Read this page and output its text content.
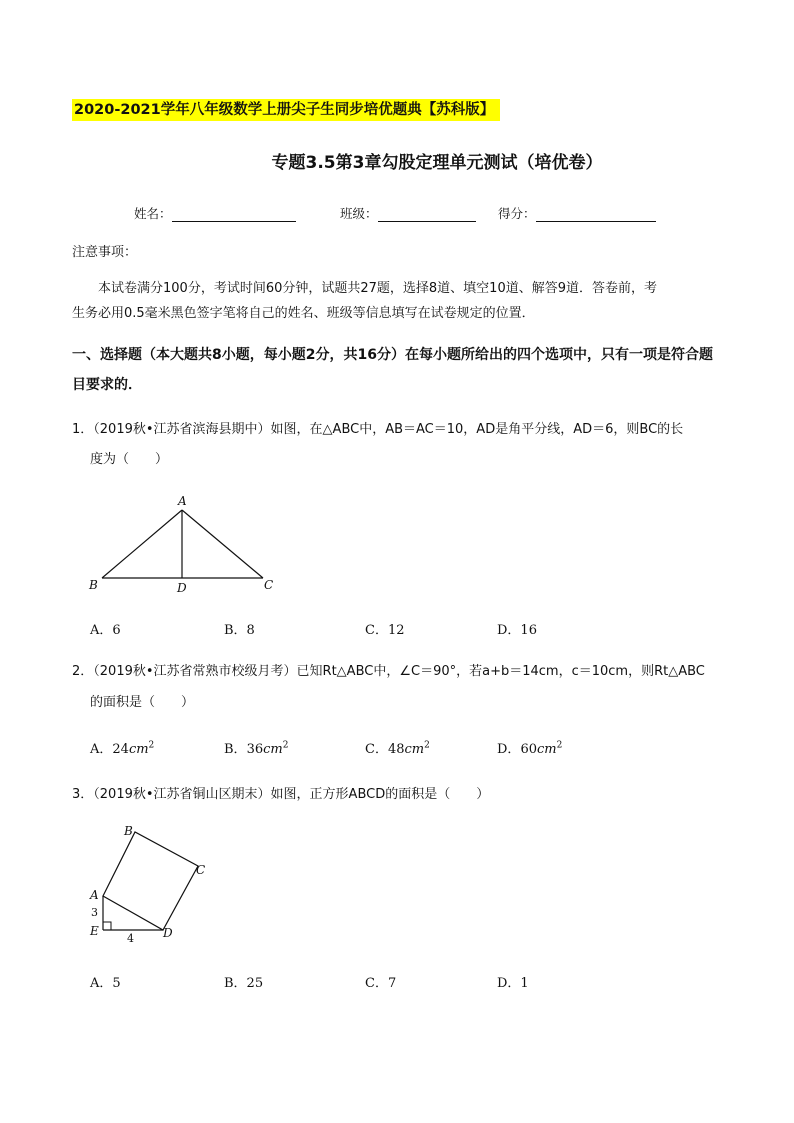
2020-2021学年八年级数学上册尖子生同步培优题典【苏科版】
专题3.5第3章勾股定理单元测试（培优卷）
姓名：	班级：	得分：
注意事项：
本试卷满分100分，考试时间60分钟，试题共27题，选择8道、填空10道、解答9道．答卷前，考
生务必用0.5毫米黑色签字笔将自己的姓名、班级等信息填写在试卷规定的位置．
一、选择题（本大题共8小题，每小题2分，共16分）在每小题所给出的四个选项中，只有一项是符合题
目要求的．
1．（2019秋•江苏省滨海县期中）如图，在△ABC中，AB＝AC＝10，AD是角平分线，AD＝6，则BC的长
度为（　　）
A
B	C
D
A．6	B．8	C．12	D．16
2．（2019秋•江苏省常熟市校级月考）已知Rt△ABC中，∠C＝90°，若a+b＝14cm，c＝10cm，则Rt△ABC
的面积是（　　）
A．$24cm^2$	B．$36cm^2$	C．$48cm^2$	D．$60cm^2$
3．（2019秋•江苏省铜山区期末）如图，正方形ABCD的面积是（　　）
A
B
C
D
E
3
4
A．5	B．25	C．7	D．1
